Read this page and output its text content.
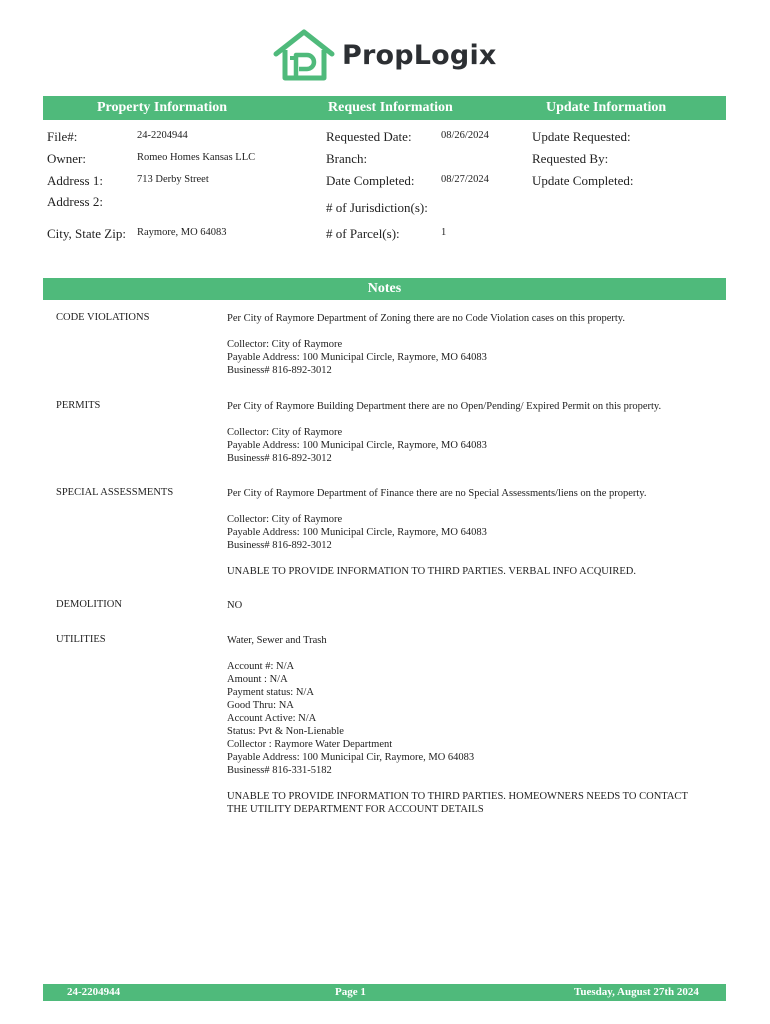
PropLogix
Property Information	Request Information	Update Information
File#:	24-2204944
Owner:	Romeo Homes Kansas LLC
Address 1:	713 Derby Street
Address 2:
City, State Zip: Raymore, MO 64083
Requested Date:	08/26/2024
Branch:
Date Completed:	08/27/2024
# of Jurisdiction(s):
# of Parcel(s):	1
Update Requested:
Requested By:
Update Completed:
Notes
CODE VIOLATIONS	Per City of Raymore Department of Zoning there are no Code Violation cases on this property.
Collector: City of Raymore
Payable Address: 100 Municipal Circle, Raymore, MO 64083
Business# 816-892-3012
PERMITS	Per City of Raymore Building Department there are no Open/Pending/ Expired Permit on this property.
Collector: City of Raymore
Payable Address: 100 Municipal Circle, Raymore, MO 64083
Business# 816-892-3012
SPECIAL ASSESSMENTS	Per City of Raymore Department of Finance there are no Special Assessments/liens on the property.
Collector: City of Raymore
Payable Address: 100 Municipal Circle, Raymore, MO 64083
Business# 816-892-3012
UNABLE TO PROVIDE INFORMATION TO THIRD PARTIES. VERBAL INFO ACQUIRED.
DEMOLITION	NO
UTILITIES	Water, Sewer and Trash
Account #: N/A
Amount : N/A
Payment status: N/A
Good Thru: NA
Account Active: N/A
Status: Pvt & Non-Lienable
Collector : Raymore Water Department
Payable Address: 100 Municipal Cir, Raymore, MO 64083
Business# 816-331-5182
UNABLE TO PROVIDE INFORMATION TO THIRD PARTIES. HOMEOWNERS NEEDS TO CONTACT
THE UTILITY DEPARTMENT FOR ACCOUNT DETAILS
24-2204944	Page 1	Tuesday, August 27th 2024
